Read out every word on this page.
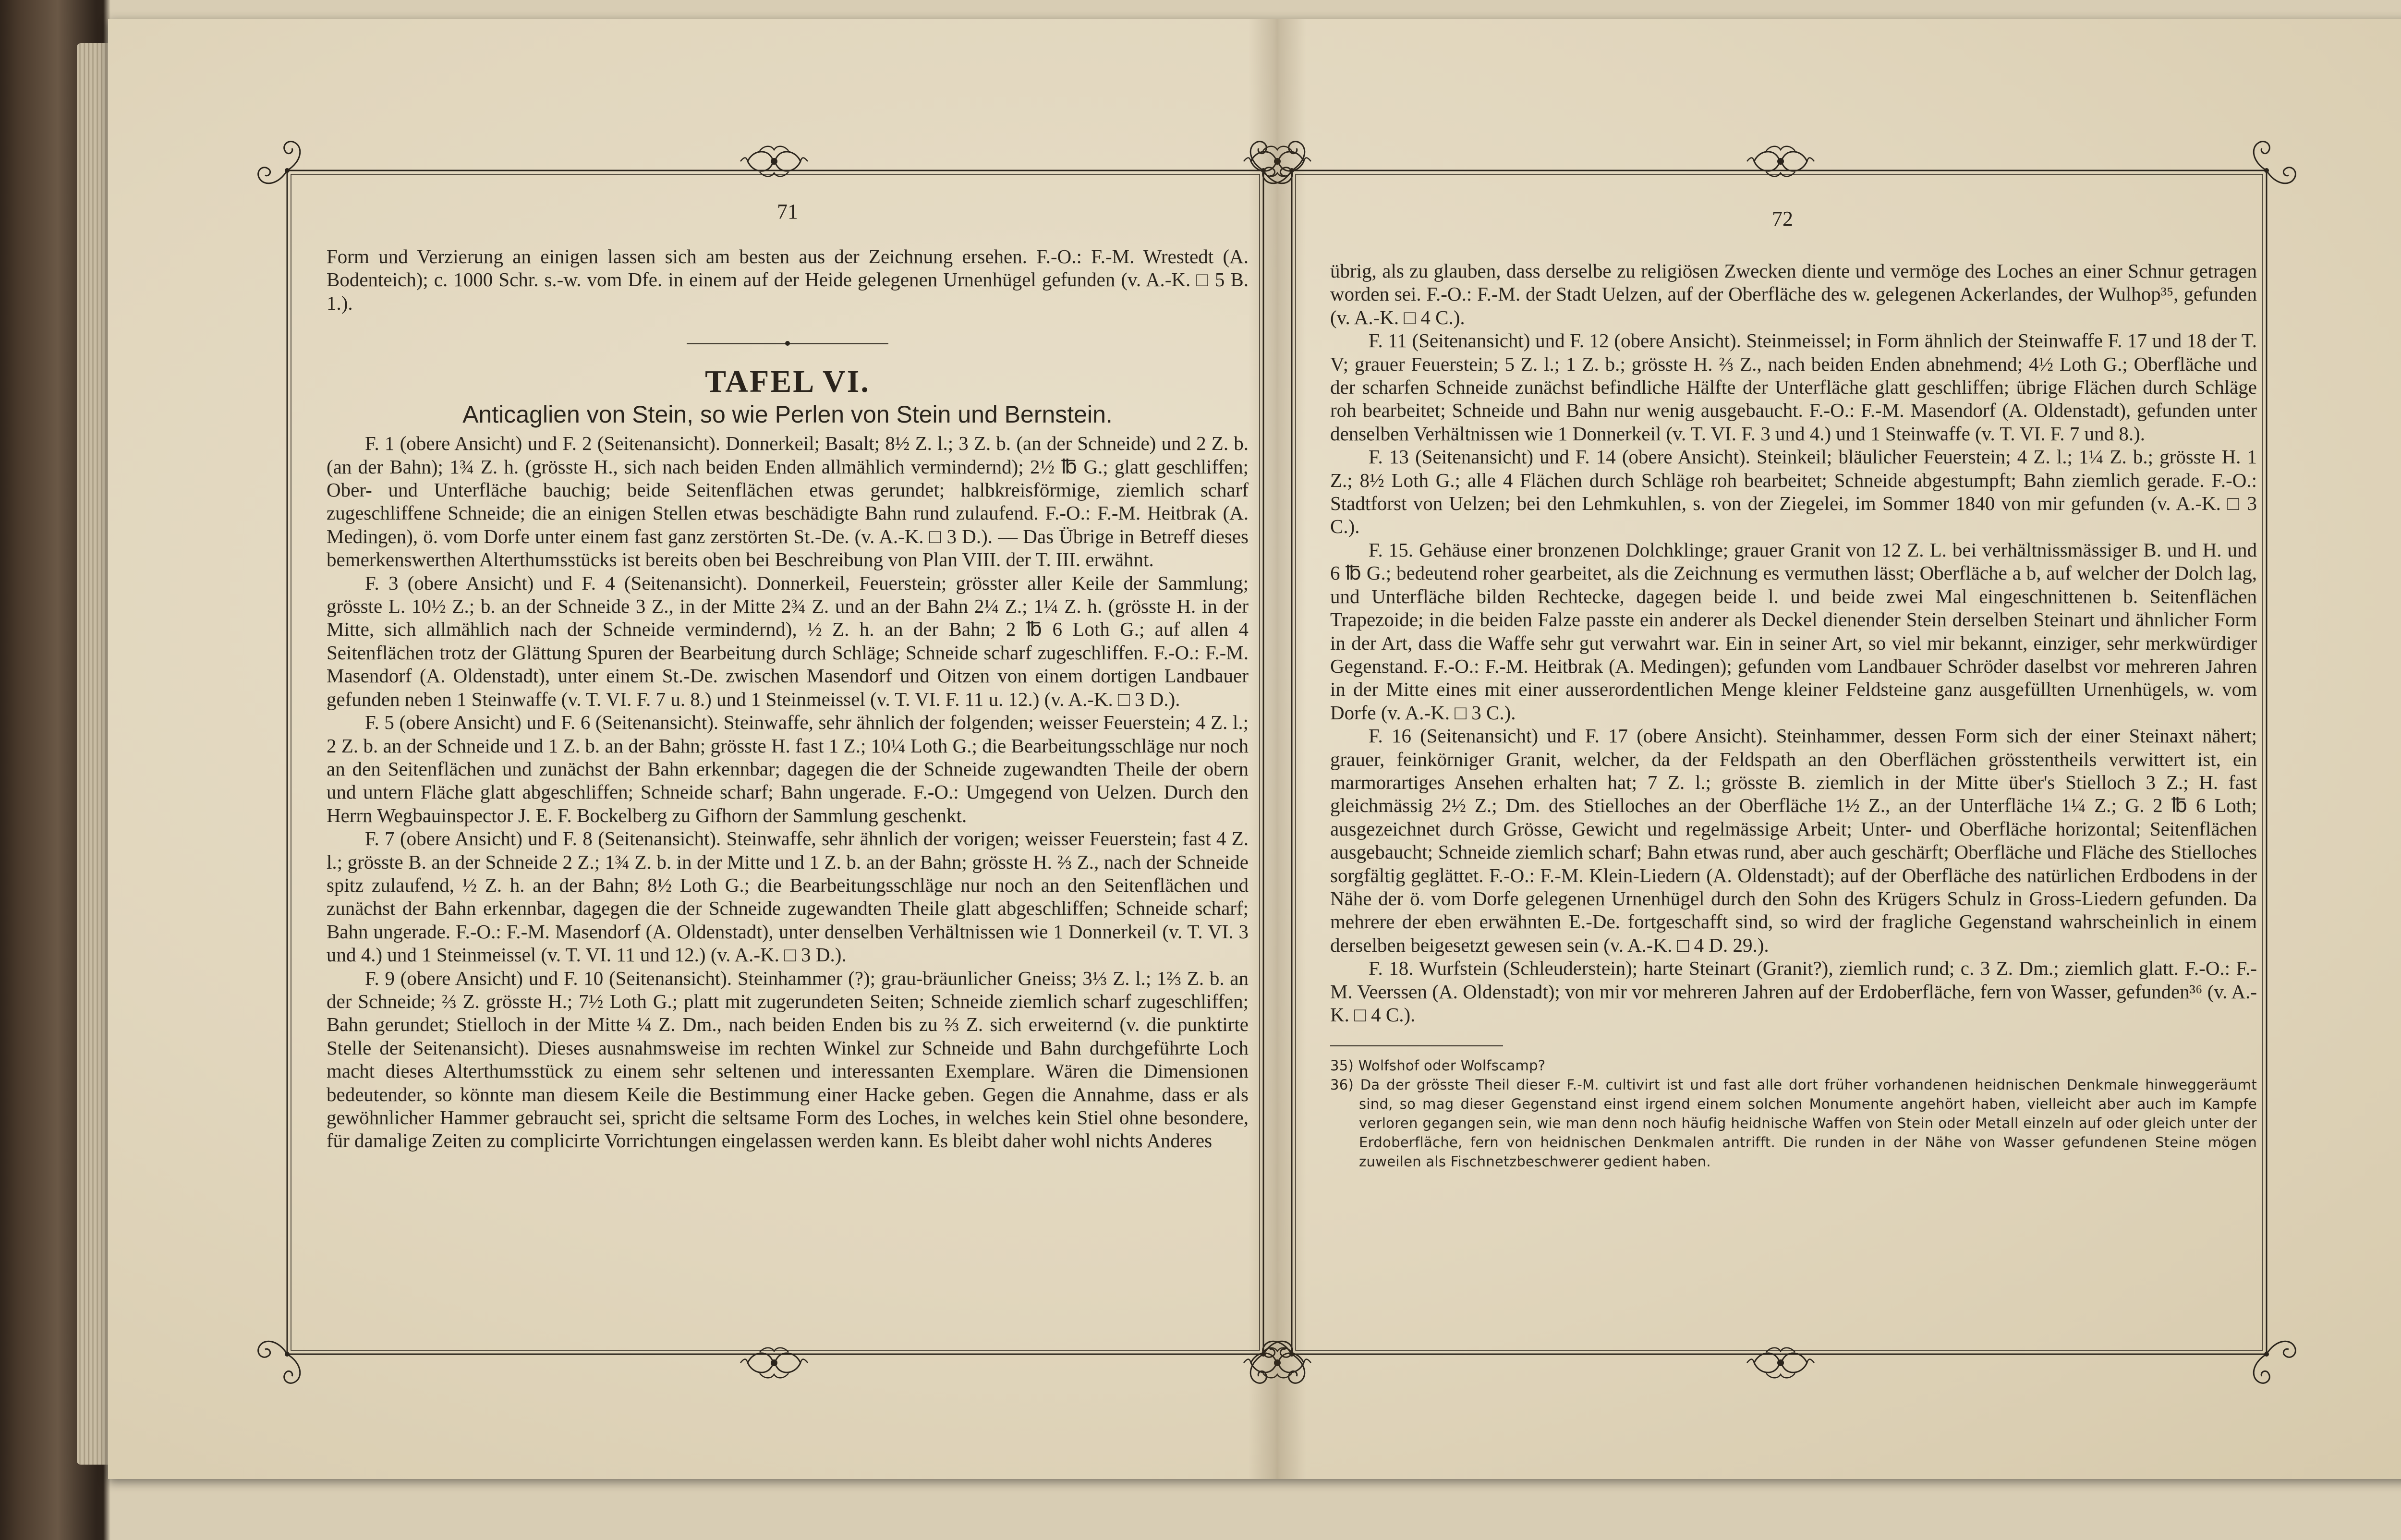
71	72

Form und Verzierung an einigen lassen sich am besten aus der Zeichnung ersehen. F.-O.: F.-M. Wrestedt (A. Bodenteich); c. 1000 Schr. s.-w. vom Dfe. in einem auf der Heide gelegenen Urnenhügel gefunden (v. A.-K. □ 5 B. 1.).

TAFEL VI.

Anticaglien von Stein, so wie Perlen von Stein und Bernstein.

F. 1 (obere Ansicht) und F. 2 (Seitenansicht). Donnerkeil; Basalt; 8½ Z. l.; 3 Z. b. (an der Schneide) und 2 Z. b. (an der Bahn); 1¾ Z. h. (grösste H., sich nach beiden Enden allmählich vermindernd); 2½ ℔ G.; glatt geschliffen; Ober- und Unterfläche bauchig; beide Seitenflächen etwas gerundet; halbkreisförmige, ziemlich scharf zugeschliffene Schneide; die an einigen Stellen etwas beschädigte Bahn rund zulaufend. F.-O.: F.-M. Heitbrak (A. Medingen), ö. vom Dorfe unter einem fast ganz zerstörten St.-De. (v. A.-K. □ 3 D.). — Das Übrige in Betreff dieses bemerkenswerthen Alterthumsstücks ist bereits oben bei Beschreibung von Plan VIII. der T. III. erwähnt.

F. 3 (obere Ansicht) und F. 4 (Seitenansicht). Donnerkeil, Feuerstein; grösster aller Keile der Sammlung; grösste L. 10½ Z.; b. an der Schneide 3 Z., in der Mitte 2¾ Z. und an der Bahn 2¼ Z.; 1¼ Z. h. (grösste H. in der Mitte, sich allmählich nach der Schneide vermindernd), ½ Z. h. an der Bahn; 2 ℔ 6 Loth G.; auf allen 4 Seitenflächen trotz der Glättung Spuren der Bearbeitung durch Schläge; Schneide scharf zugeschliffen. F.-O.: F.-M. Masendorf (A. Oldenstadt), unter einem St.-De. zwischen Masendorf und Oitzen von einem dortigen Landbauer gefunden neben 1 Steinwaffe (v. T. VI. F. 7 u. 8.) und 1 Steinmeissel (v. T. VI. F. 11 u. 12.) (v. A.-K. □ 3 D.).

F. 5 (obere Ansicht) und F. 6 (Seitenansicht). Steinwaffe, sehr ähnlich der folgenden; weisser Feuerstein; 4 Z. l.; 2 Z. b. an der Schneide und 1 Z. b. an der Bahn; grösste H. fast 1 Z.; 10¼ Loth G.; die Bearbeitungsschläge nur noch an den Seitenflächen und zunächst der Bahn erkennbar; dagegen die der Schneide zugewandten Theile der obern und untern Fläche glatt abgeschliffen; Schneide scharf; Bahn ungerade. F.-O.: Umgegend von Uelzen. Durch den Herrn Wegbauinspector J. E. F. Bockelberg zu Gifhorn der Sammlung geschenkt.

F. 7 (obere Ansicht) und F. 8 (Seitenansicht). Steinwaffe, sehr ähnlich der vorigen; weisser Feuerstein; fast 4 Z. l.; grösste B. an der Schneide 2 Z.; 1¾ Z. b. in der Mitte und 1 Z. b. an der Bahn; grösste H. ⅔ Z., nach der Schneide spitz zulaufend, ½ Z. h. an der Bahn; 8½ Loth G.; die Bearbeitungsschläge nur noch an den Seitenflächen und zunächst der Bahn erkennbar, dagegen die der Schneide zugewandten Theile glatt abgeschliffen; Schneide scharf; Bahn ungerade. F.-O.: F.-M. Masendorf (A. Oldenstadt), unter denselben Verhältnissen wie 1 Donnerkeil (v. T. VI. 3 und 4.) und 1 Steinmeissel (v. T. VI. 11 und 12.) (v. A.-K. □ 3 D.).

F. 9 (obere Ansicht) und F. 10 (Seitenansicht). Steinhammer (?); grau-bräunlicher Gneiss; 3⅓ Z. l.; 1⅔ Z. b. an der Schneide; ⅔ Z. grösste H.; 7½ Loth G.; platt mit zugerundeten Seiten; Schneide ziemlich scharf zugeschliffen; Bahn gerundet; Stielloch in der Mitte ¼ Z. Dm., nach beiden Enden bis zu ⅔ Z. sich erweiternd (v. die punktirte Stelle der Seitenansicht). Dieses ausnahmsweise im rechten Winkel zur Schneide und Bahn durchgeführte Loch macht dieses Alterthumsstück zu einem sehr seltenen und interessanten Exemplare. Wären die Dimensionen bedeutender, so könnte man diesem Keile die Bestimmung einer Hacke geben. Gegen die Annahme, dass er als gewöhnlicher Hammer gebraucht sei, spricht die seltsame Form des Loches, in welches kein Stiel ohne besondere, für damalige Zeiten zu complicirte Vorrichtungen eingelassen werden kann. Es bleibt daher wohl nichts Anderes

übrig, als zu glauben, dass derselbe zu religiösen Zwecken diente und vermöge des Loches an einer Schnur getragen worden sei. F.-O.: F.-M. der Stadt Uelzen, auf der Oberfläche des w. gelegenen Ackerlandes, der Wulhop³⁵, gefunden (v. A.-K. □ 4 C.).

F. 11 (Seitenansicht) und F. 12 (obere Ansicht). Steinmeissel; in Form ähnlich der Steinwaffe F. 17 und 18 der T. V; grauer Feuerstein; 5 Z. l.; 1 Z. b.; grösste H. ⅔ Z., nach beiden Enden abnehmend; 4½ Loth G.; Oberfläche und der scharfen Schneide zunächst befindliche Hälfte der Unterfläche glatt geschliffen; übrige Flächen durch Schläge roh bearbeitet; Schneide und Bahn nur wenig ausgebaucht. F.-O.: F.-M. Masendorf (A. Oldenstadt), gefunden unter denselben Verhältnissen wie 1 Donnerkeil (v. T. VI. F. 3 und 4.) und 1 Steinwaffe (v. T. VI. F. 7 und 8.).

F. 13 (Seitenansicht) und F. 14 (obere Ansicht). Steinkeil; bläulicher Feuerstein; 4 Z. l.; 1¼ Z. b.; grösste H. 1 Z.; 8½ Loth G.; alle 4 Flächen durch Schläge roh bearbeitet; Schneide abgestumpft; Bahn ziemlich gerade. F.-O.: Stadtforst von Uelzen; bei den Lehmkuhlen, s. von der Ziegelei, im Sommer 1840 von mir gefunden (v. A.-K. □ 3 C.).

F. 15. Gehäuse einer bronzenen Dolchklinge; grauer Granit von 12 Z. L. bei verhältnissmässiger B. und H. und 6 ℔ G.; bedeutend roher gearbeitet, als die Zeichnung es vermuthen lässt; Oberfläche a b, auf welcher der Dolch lag, und Unterfläche bilden Rechtecke, dagegen beide l. und beide zwei Mal eingeschnittenen b. Seitenflächen Trapezoide; in die beiden Falze passte ein anderer als Deckel dienender Stein derselben Steinart und ähnlicher Form in der Art, dass die Waffe sehr gut verwahrt war. Ein in seiner Art, so viel mir bekannt, einziger, sehr merkwürdiger Gegenstand. F.-O.: F.-M. Heitbrak (A. Medingen); gefunden vom Landbauer Schröder daselbst vor mehreren Jahren in der Mitte eines mit einer ausserordentlichen Menge kleiner Feldsteine ganz ausgefüllten Urnenhügels, w. vom Dorfe (v. A.-K. □ 3 C.).

F. 16 (Seitenansicht) und F. 17 (obere Ansicht). Steinhammer, dessen Form sich der einer Steinaxt nähert; grauer, feinkörniger Granit, welcher, da der Feldspath an den Oberflächen grösstentheils verwittert ist, ein marmorartiges Ansehen erhalten hat; 7 Z. l.; grösste B. ziemlich in der Mitte über's Stielloch 3 Z.; H. fast gleichmässig 2½ Z.; Dm. des Stielloches an der Oberfläche 1½ Z., an der Unterfläche 1¼ Z.; G. 2 ℔ 6 Loth; ausgezeichnet durch Grösse, Gewicht und regelmässige Arbeit; Unter- und Oberfläche horizontal; Seitenflächen ausgebaucht; Schneide ziemlich scharf; Bahn etwas rund, aber auch geschärft; Oberfläche und Fläche des Stielloches sorgfältig geglättet. F.-O.: F.-M. Klein-Liedern (A. Oldenstadt); auf der Oberfläche des natürlichen Erdbodens in der Nähe der ö. vom Dorfe gelegenen Urnenhügel durch den Sohn des Krügers Schulz in Gross-Liedern gefunden. Da mehrere der eben erwähnten E.-De. fortgeschafft sind, so wird der fragliche Gegenstand wahrscheinlich in einem derselben beigesetzt gewesen sein (v. A.-K. □ 4 D. 29.).

F. 18. Wurfstein (Schleuderstein); harte Steinart (Granit?), ziemlich rund; c. 3 Z. Dm.; ziemlich glatt. F.-O.: F.-M. Veerssen (A. Oldenstadt); von mir vor mehreren Jahren auf der Erdoberfläche, fern von Wasser, gefunden³⁶ (v. A.-K. □ 4 C.).

35) Wolfshof oder Wolfscamp?

36) Da der grösste Theil dieser F.-M. cultivirt ist und fast alle dort früher vorhandenen heidnischen Denkmale hinweggeräumt sind, so mag dieser Gegenstand einst irgend einem solchen Monumente angehört haben, vielleicht aber auch im Kampfe verloren gegangen sein, wie man denn noch häufig heidnische Waffen von Stein oder Metall einzeln auf oder gleich unter der Erdoberfläche, fern von heidnischen Denkmalen antrifft. Die runden in der Nähe von Wasser gefundenen Steine mögen zuweilen als Fischnetzbeschwerer gedient haben.
